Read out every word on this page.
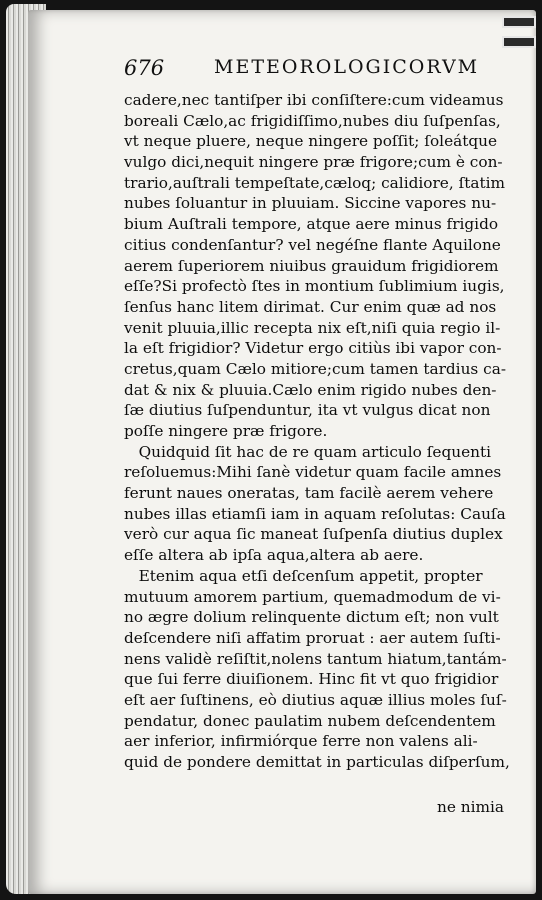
676	METEOROLOGICORVM
cadere,nec tantiſper ibi conſiſtere:cum videamus
boreali Cælo,ac frigidiſſimo,nubes diu ſuſpenſas,
vt neque pluere, neque ningere poſſit; ſoleátque
vulgo dici,nequit ningere præ frigore;cum è con-
trario,auſtrali tempeſtate,cæloq; calidiore, ſtatim
nubes ſoluantur in pluuiam. Siccine vapores nu-
bium Auſtrali tempore, atque aere minus frigido
citius condenſantur? vel negéſne flante Aquilone
aerem ſuperiorem niuibus grauidum frigidiorem
eſſe?Si profectò ſtes in montium ſublimium iugis,
ſenſus hanc litem dirimat. Cur enim quæ ad nos
venit pluuia,illic recepta nix eſt,niſi quia regio il-
la eſt frigidior? Videtur ergo citiùs ibi vapor con-
cretus,quam Cælo mitiore;cum tamen tardius ca-
dat & nix & pluuia.Cælo enim rigido nubes den-
ſæ diutius ſuſpenduntur, ita vt vulgus dicat non
poſſe ningere præ frigore.
Quidquid ſit hac de re quam articulo ſequenti
reſoluemus:Mihi ſanè videtur quam facile amnes
ferunt naues oneratas, tam facilè aerem vehere
nubes illas etiamſi iam in aquam reſolutas: Cauſa
verò cur aqua ſic maneat ſuſpenſa diutius duplex
eſſe altera ab ipſa aqua,altera ab aere.
Etenim aqua etſi deſcenſum appetit, propter
mutuum amorem partium, quemadmodum de vi-
no ægre dolium relinquente dictum eſt; non vult
deſcendere niſi affatim proruat : aer autem ſuſti-
nens validè reſiſtit,nolens tantum hiatum,tantám-
que ſui ferre diuiſionem. Hinc fit vt quo frigidior
eſt aer ſuſtinens, eò diutius aquæ illius moles ſuſ-
pendatur, donec paulatim nubem deſcendentem
aer inferior, infirmiórque ferre non valens ali-
quid de pondere demittat in particulas diſperſum,
ne nimia
